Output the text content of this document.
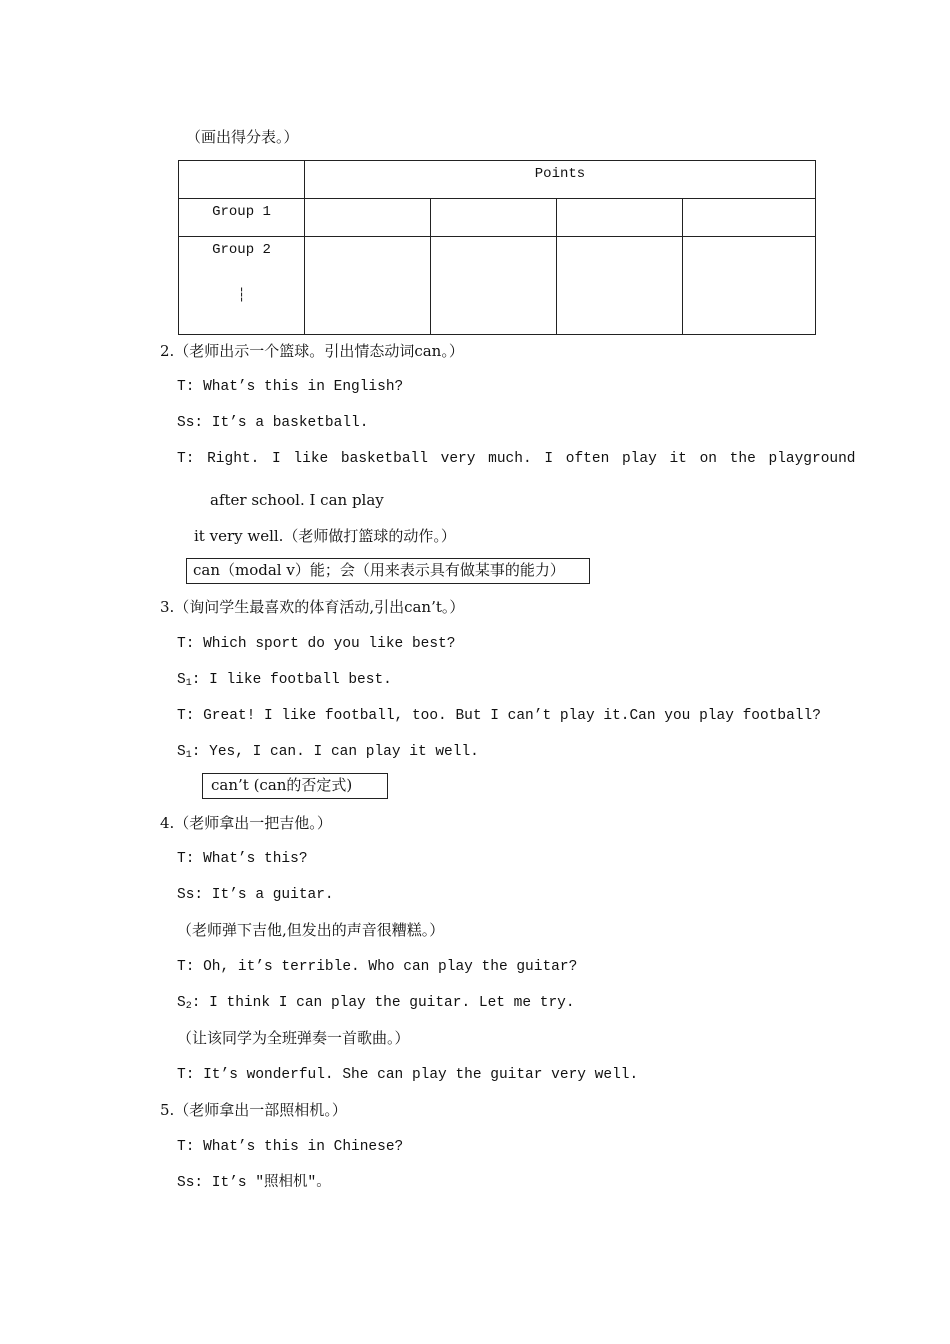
（画出得分表。）
	Points			
Group 1				

Group 2
┆				

2.（老师出示一个篮球。引出情态动词can。）
T: What’s this in English?
Ss: It’s a basketball.
T: Right. I like basketball very much. I often play it on the playground
after school. I can play
it very well.（老师做打篮球的动作。）
can（modal v）能；会（用来表示具有做某事的能力）
3.（询问学生最喜欢的体育活动,引出can’t。）
T: Which sport do you like best?
$S_1$: I like football best.
T: Great! I like football, too. But I can’t play it.Can you play football?
$S_1$: Yes, I can. I can play it well.
can’t (can的否定式)
4.（老师拿出一把吉他。）
T: What’s this?
Ss: It’s a guitar.
（老师弹下吉他,但发出的声音很糟糕。）
T: Oh, it’s terrible. Who can play the guitar?
$S_2$: I think I can play the guitar. Let me try.
（让该同学为全班弹奏一首歌曲。）
T: It’s wonderful. She can play the guitar very well.
5.（老师拿出一部照相机。）
T: What’s this in Chinese?
Ss: It’s "照相机"。
